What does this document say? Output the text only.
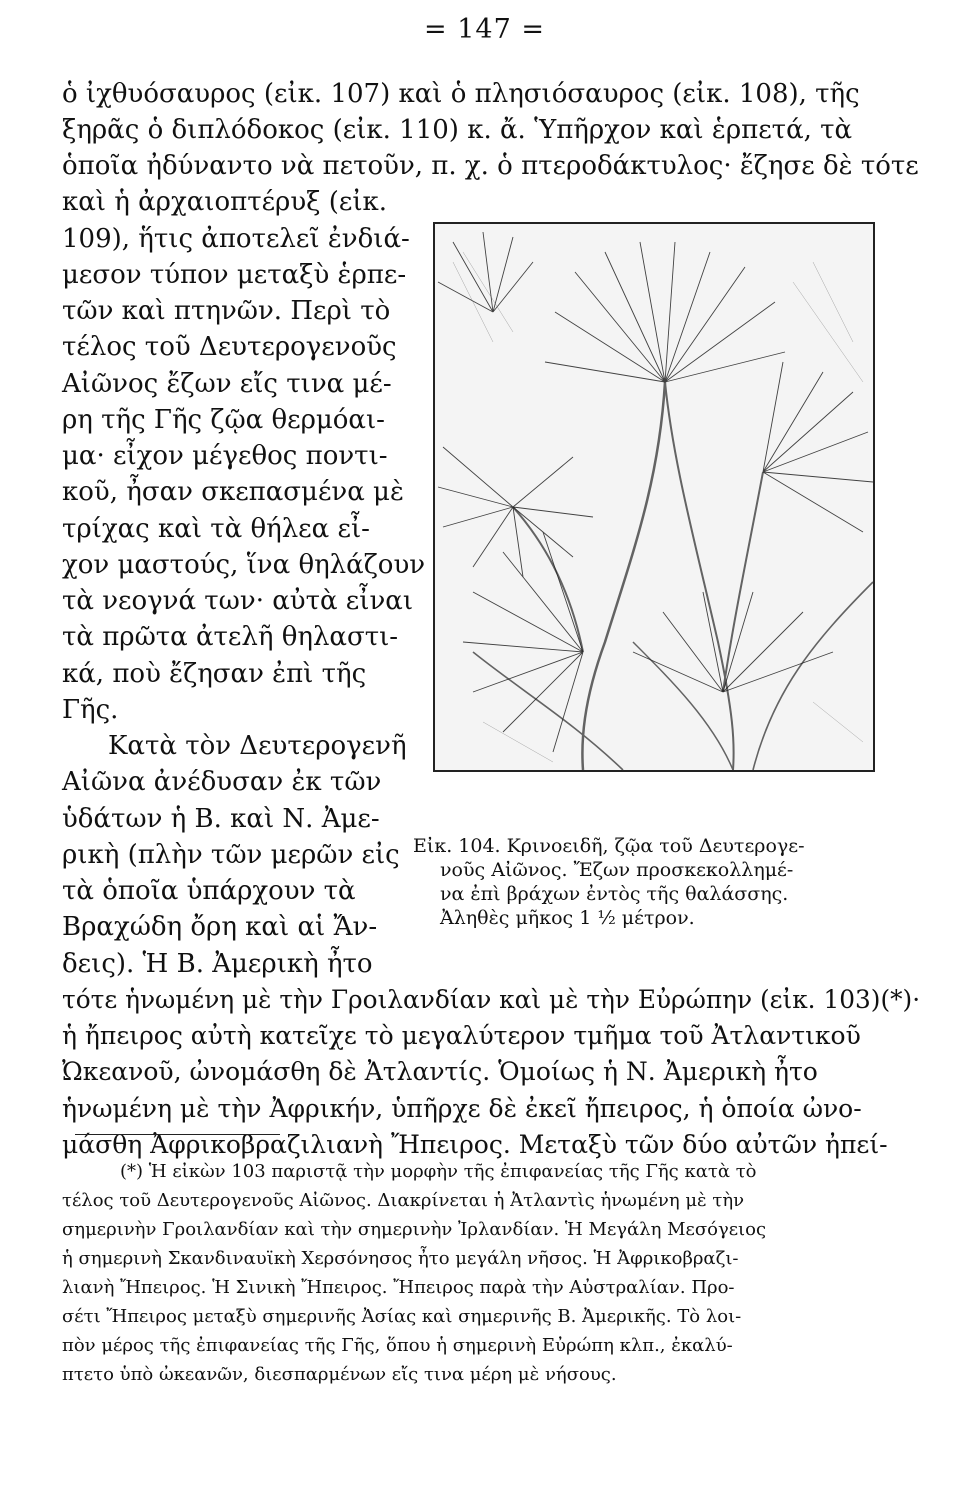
= 147 =
ὁ ἰχθυόσαυρος (εἰκ. 107) καὶ ὁ πλησιόσαυρος (εἰκ. 108), τῆς
ξηρᾶς ὁ διπλόδοκος (εἰκ. 110) κ. ἄ. Ὑπῆρχον καὶ ἑρπετά, τὰ
ὁποῖα ἠδύναντο νὰ πετοῦν, π. χ. ὁ πτεροδάκτυλος· ἔζησε δὲ τότε
καὶ ἡ ἀρχαιοπτέρυξ (εἰκ.
109), ἥτις ἀποτελεῖ ἐνδιά-
μεσον τύπον μεταξὺ ἑρπε-
τῶν καὶ πτηνῶν. Περὶ τὸ
τέλος τοῦ Δευτερογενοῦς
Αἰῶνος ἔζων εἴς τινα μέ-
ρη τῆς Γῆς ζῷα θερμόαι-
μα· εἶχον μέγεθος ποντι-
κοῦ, ἦσαν σκεπασμένα μὲ
τρίχας καὶ τὰ θήλεα εἶ-
χον μαστούς, ἵνα θηλάζουν
τὰ νεογνά των· αὐτὰ εἶναι
τὰ πρῶτα ἀτελῆ θηλαστι-
κά, ποὺ ἔζησαν ἐπὶ τῆς
Γῆς.
Κατὰ τὸν Δευτερογενῆ
Αἰῶνα ἀνέδυσαν ἐκ τῶν
ὑδάτων ἡ Β. καὶ Ν. Ἀμε-
ρικὴ (πλὴν τῶν μερῶν εἰς
τὰ ὁποῖα ὑπάρχουν τὰ
Βραχώδη ὄρη καὶ αἱ Ἄν-
δεις). Ἡ Β. Ἀμερικὴ ἦτο
τότε ἡνωμένη μὲ τὴν Γροιλανδίαν καὶ μὲ τὴν Εὐρώπην (εἰκ. 103)(*)·
ἡ ἤπειρος αὐτὴ κατεῖχε τὸ μεγαλύτερον τμῆμα τοῦ Ἀτλαντικοῦ
Ὠκεανοῦ, ὠνομάσθη δὲ Ἀτλαντίς. Ὁμοίως ἡ Ν. Ἀμερικὴ ἦτο
ἡνωμένη μὲ τὴν Ἀφρικήν, ὑπῆρχε δὲ ἐκεῖ ἤπειρος, ἡ ὁποία ὠνο-
μάσθη Ἀφρικοβραζιλιανὴ Ἤπειρος. Μεταξὺ τῶν δύο αὐτῶν ἠπεί-
Εἰκ. 104. Κρινοειδῆ, ζῷα τοῦ Δευτερογε-
νοῦς Αἰῶνος. Ἔζων προσκεκολλημέ-
να ἐπὶ βράχων ἐντὸς τῆς θαλάσσης.
Ἀληθὲς μῆκος 1 ½ μέτρον.
(*) Ἡ εἰκὼν 103 παριστᾷ τὴν μορφὴν τῆς ἐπιφανείας τῆς Γῆς κατὰ τὸ
τέλος τοῦ Δευτερογενοῦς Αἰῶνος. Διακρίνεται ἡ Ἀτλαντὶς ἡνωμένη μὲ τὴν
σημερινὴν Γροιλανδίαν καὶ τὴν σημερινὴν Ἰρλανδίαν. Ἡ Μεγάλη Μεσόγειος
ἡ σημερινὴ Σκανδιναυϊκὴ Χερσόνησος ἦτο μεγάλη νῆσος. Ἡ Ἀφρικοβραζι-
λιανὴ Ἤπειρος. Ἡ Σινικὴ Ἤπειρος. Ἤπειρος παρὰ τὴν Αὐστραλίαν. Προ-
σέτι Ἤπειρος μεταξὺ σημερινῆς Ἀσίας καὶ σημερινῆς Β. Ἀμερικῆς. Τὸ λοι-
πὸν μέρος τῆς ἐπιφανείας τῆς Γῆς, ὅπου ἡ σημερινὴ Εὐρώπη κλπ., ἐκαλύ-
πτετο ὑπὸ ὠκεανῶν, διεσπαρμένων εἴς τινα μέρη μὲ νήσους.
